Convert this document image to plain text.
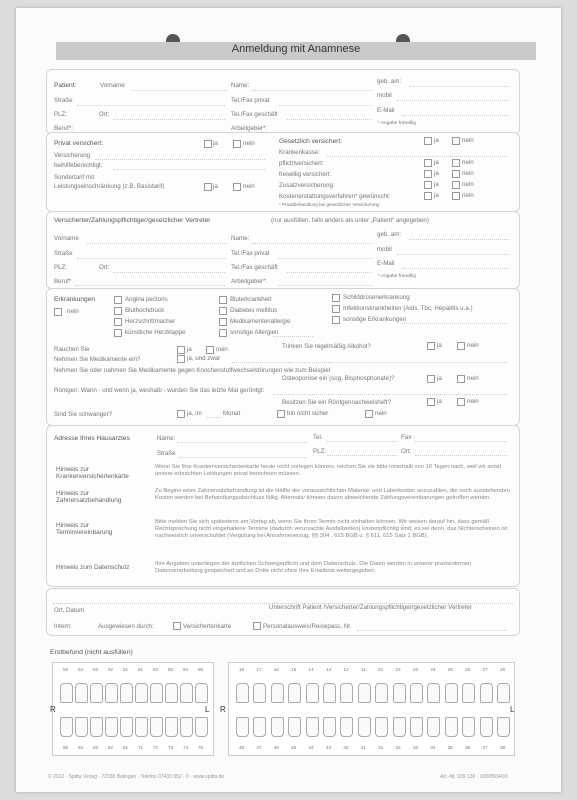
Anmeldung mit Anamnese
Patient:	Vorname	Name:
geb. am:
Straße	Tel./Fax privat
mobil
PLZ:	Ort:	Tel./Fax geschäft
E-Mail
Beruf*:	Arbeitgeber*:
* Angabe freiwillig
Privat versichert:	ja	nein
Versicherung
beihilfeberechtigt:
Sondertarif mit
Leistungseinschränkung (z.B. Basistarif)	ja	nein
Gesetzlich versichert:	ja	nein
Krankenkasse:
pflichtversichert:	ja	nein
freiwillig versichert:	ja	nein
Zusatzversicherung:	ja	nein
Kostenerstattungsverfahren* gewünscht:	ja	nein
* Privatbehandlung bei gesetzlicher Versicherung
Versicherter/Zahlungspflichtiger/gesetzlicher Vertreter	(nur ausfüllen, falls anders als unter „Patient“ angegeben)
Vorname	Name:
geb. am:
Straße	Tel./Fax privat
mobil
PLZ:	Ort:	Tel./Fax geschäft
E-Mail
Beruf*	Arbeitgeber*:
* Angabe freiwillig
Erkrankungen
nein
Angina pectoris
Bluthochdruck
Herzschrittmacher
künstliche Herzklappe
Bluterkrankheit
Diabetes mellitus
Medikamentenallergie
sonstige Allergien
Schilddrüsenerkrankung
Infektionskrankheiten (Aids, Tbc, Hepatitis u.a.)
sonstige Erkrankungen
Rauchen Sie	ja	nein	Trinken Sie regelmäßig Alkohol?	ja	nein
Nehmen Sie Medikamente ein?	ja, und zwar
Nehmen Sie oder nahmen Sie Medikamente gegen Knochenstoffwechselstörungen wie zum Beispiel
Osteoporose ein (sog. Bisphosphonate)?	ja	nein
Röntgen: Wann - und wenn ja, weshalb - wurden Sie das letzte Mal geröntgt:
Besitzen Sie ein Röntgennachweisheft?	ja	nein
Sind Sie schwanger?	ja, im	Monat	bin nicht sicher	nein
Adresse Ihres Hausarztes	Name:	Tel.	Fax
Straße	PLZ:	Ort:
Hinweis zur Krankenversichertenkarte
Wenn Sie Ihre Krankenversichertenkarte heute nicht vorlegen können, reichen Sie sie bitte innerhalb von 10 Tagen nach, weil wir sonst unsere erbrachten Leistungen privat berechnen müssen.
Hinweis zur Zahnersatzbehandlung
Zu Beginn einer Zahnersatzbehandlung ist die Hälfte der voraussichtlichen Material- und Laborkosten anzuzahlen, die noch ausstehenden Kosten werden bei Behandlungsabschluss fällig. Alternativ können davon abweichende Zahlungsvereinbarungen getroffen werden.
Hinweis zur Terminvereinbarung
Bitte melden Sie sich spätestens am Vortag ab, wenn Sie Ihren Termin nicht einhalten können. Wir weisen darauf hin, dass gemäß Rechtsprechung nicht eingehaltene Termine (dadurch verursachte Ausfallzeiten) kostenpflichtig sind, es sei denn, das Nichterscheinen ist nachweislich unverschuldet (Vergütung bei Annahmeverzug, §§ 304 , 615 BGB u. § 611, 615 Satz 1 BGB).
Hinweis zum Datenschutz	Ihre Angaben unterliegen der ärztlichen Schweigepflicht und dem Datenschutz. Die Daten werden in unserer praxisinternen Datenverarbeitung gespeichert und an Dritte nicht ohne Ihre Erlaubnis weitergegeben.
Ort, Datum	Unterschrift Patient /Versicherter/Zahlungspflichtiger/gesetzlicher Vertreter
Intern:	Ausgewiesen durch:	Versichertenkarte	Personalausweis/Reisepass, Nr.
Erstbefund (nicht ausfüllen)
55	54	53	52	51	61	62	63	64	65
85	84	83	82	81	71	72	73	74	75
R	L
18	17	16	15	14	13	12	11	21	22	23	24	25	26	27	28
48	47	46	45	44	43	42	41	31	32	33	34	35	36	37	38
R	L
© 2012 · Spitta Verlag · 72336 Balingen · Telefon 07433 952 - 0 · www.spitta.de	Art.-Nr. 939 130 · 100/0504/03
